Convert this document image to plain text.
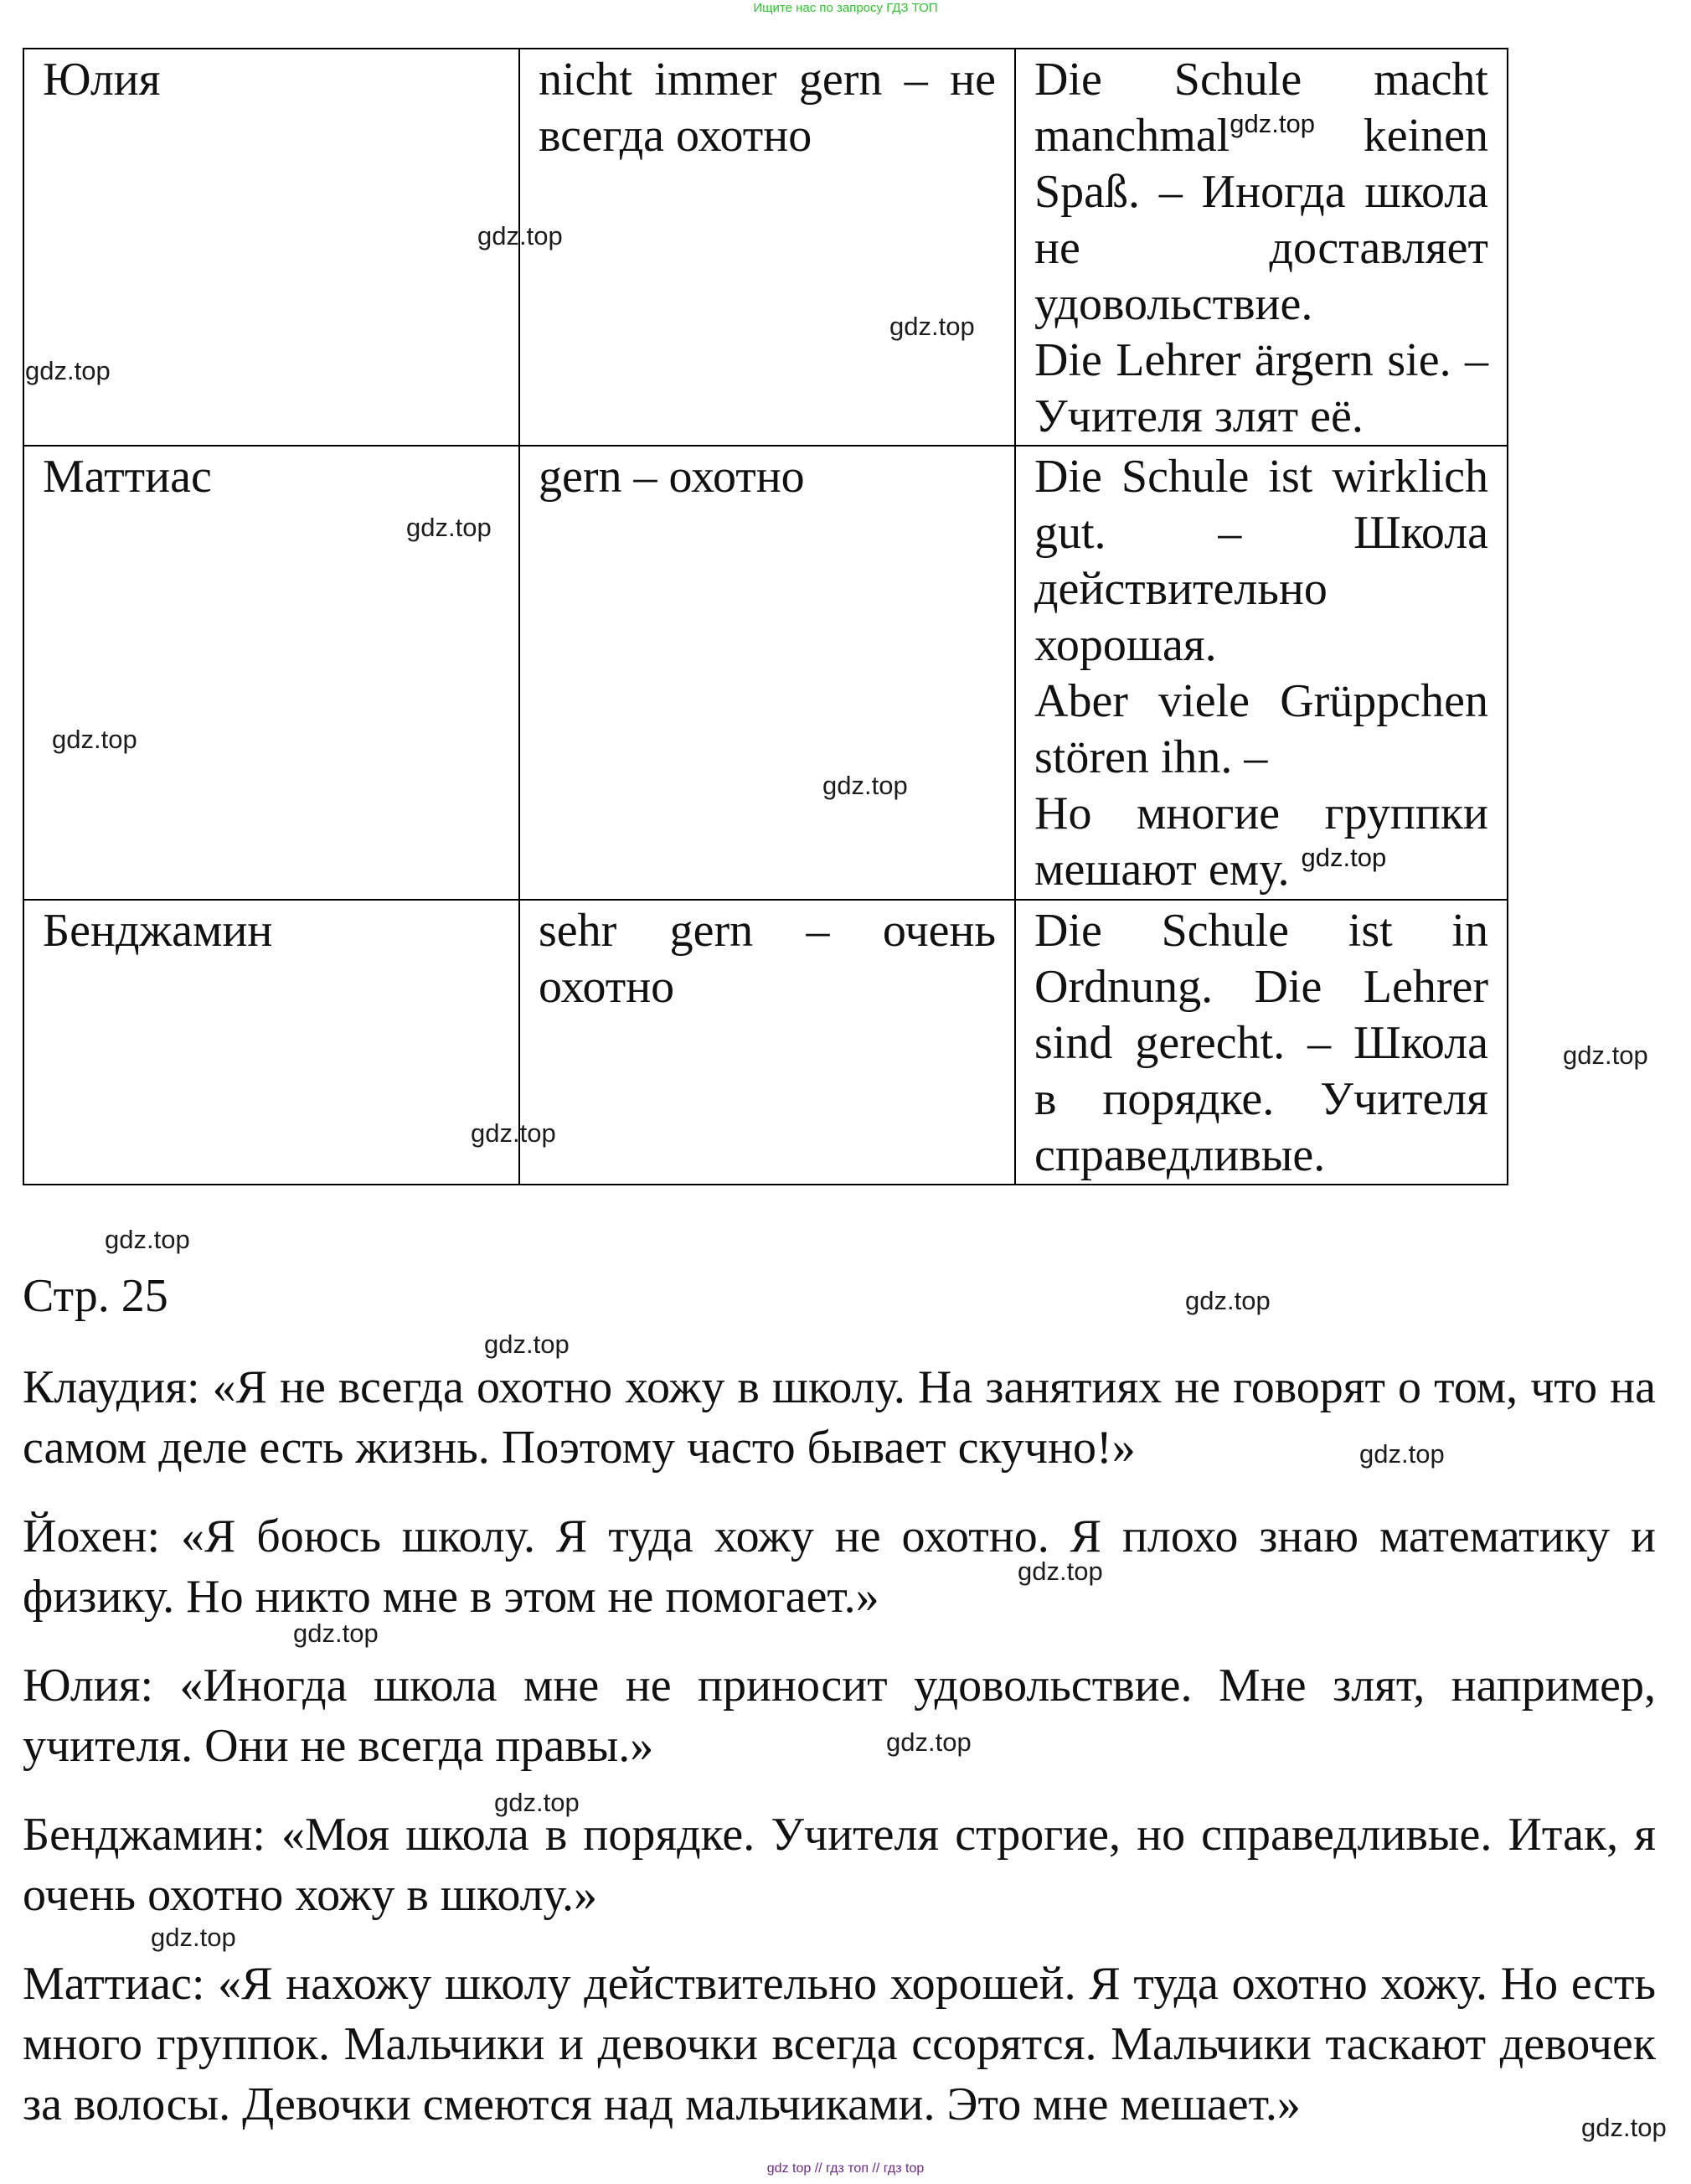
Ищите нас по запросу ГДЗ ТОП
Юлия	nicht immer gern – не всегда охотно	Die Schule macht manchmal$^{gdz.top}$ keinen Spaß. – Иногда школа не доставляет удовольствие.
Die Lehrer ärgern sie. – Учителя злят её.

Маттиас	gern – охотно	Die Schule ist wirklich gut. – Школа действительно хорошая.
Aber viele Grüppchen stören ihn. –
Но многие группки мешают ему. $^{gdz.top}$

Бенджамин	sehr gern – очень охотно	Die Schule ist in Ordnung. Die Lehrer sind gerecht. – Школа в порядке. Учителя справедливые.
Стр. 25

Клаудия: «Я не всегда охотно хожу в школу. На занятиях не говорят о том, что на самом деле есть жизнь. Поэтому часто бывает скучно!»

Йохен: «Я боюсь школу. Я туда хожу не охотно. Я плохо знаю математику и физику. Но никто мне в этом не помогает.»

Юлия: «Иногда школа мне не приносит удовольствие. Мне злят, например, учителя. Они не всегда правы.»

Бенджамин: «Моя школа в порядке. Учителя строгие, но справедливые. Итак, я очень охотно хожу в школу.»

Маттиас: «Я нахожу школу действительно хорошей. Я туда охотно хожу. Но есть много группок. Мальчики и девочки всегда ссорятся. Мальчики таскают девочек за волосы. Девочки смеются над мальчиками. Это мне мешает.»

gdz.top
gdz.top
gdz.top
gdz.top
gdz.top
gdz.top
gdz.top
gdz.top
gdz.top
gdz.top
gdz.top
gdz.top
gdz.top
gdz.top
gdz.top
gdz.top
gdz.top
gdz.top
gdz top // гдз топ // гдз top
